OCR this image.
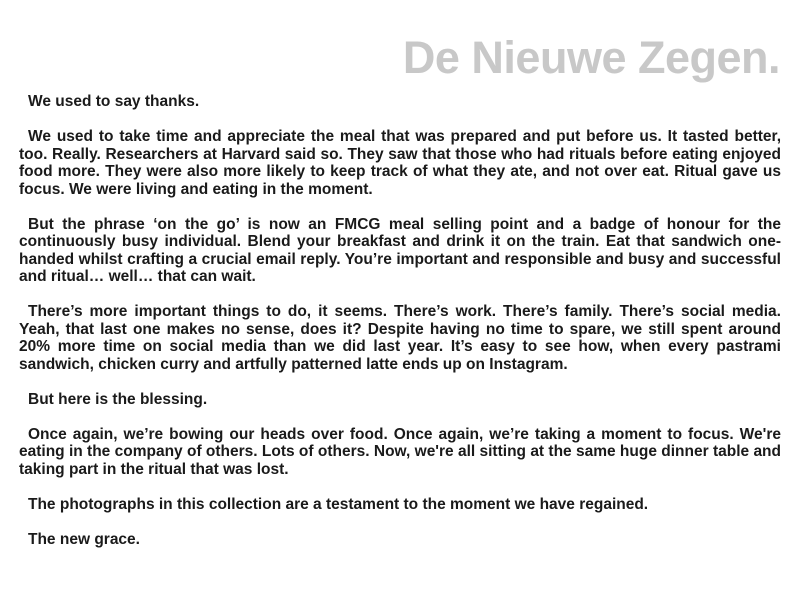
De Nieuwe Zegen.

We used to say thanks.

We used to take time and appreciate the meal that was prepared and put before us. It tasted better, too. Really. Researchers at Harvard said so. They saw that those who had rituals before eating enjoyed food more. They were also more likely to keep track of what they ate, and not over eat. Ritual gave us focus. We were living and eating in the moment.

But the phrase ‘on the go’ is now an FMCG meal selling point and a badge of honour for the continuously busy individual. Blend your breakfast and drink it on the train. Eat that sandwich one-handed whilst crafting a crucial email reply. You’re important and responsible and busy and successful and ritual… well… that can wait.

There’s more important things to do, it seems. There’s work. There’s family. There’s social media. Yeah, that last one makes no sense, does it? Despite having no time to spare, we still spent around 20% more time on social media than we did last year. It’s easy to see how, when every pastrami sandwich, chicken curry and artfully patterned latte ends up on Instagram.

But here is the blessing.

Once again, we’re bowing our heads over food. Once again, we’re taking a moment to focus. We're eating in the company of others. Lots of others. Now, we're all sitting at the same huge dinner table and taking part in the ritual that was lost.

The photographs in this collection are a testament to the moment we have regained.

The new grace.
